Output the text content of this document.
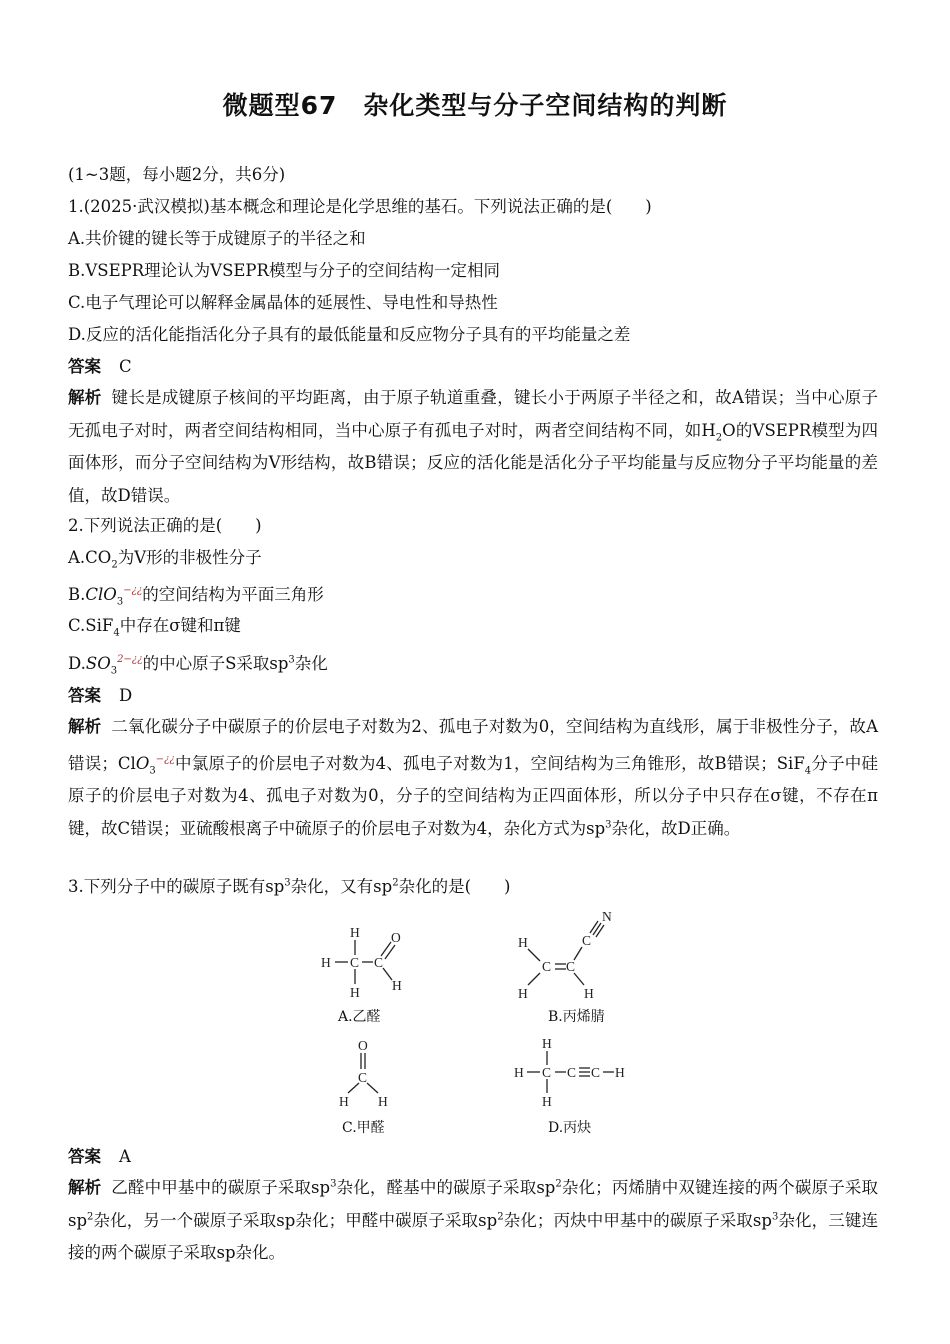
微题型67　杂化类型与分子空间结构的判断
(1~3题，每小题2分，共6分)
1.(2025·武汉模拟)基本概念和理论是化学思维的基石。下列说法正确的是(　　)
A.共价键的键长等于成键原子的半径之和
B.VSEPR理论认为VSEPR模型与分子的空间结构一定相同
C.电子气理论可以解释金属晶体的延展性、导电性和导热性
D.反应的活化能指活化分子具有的最低能量和反应物分子具有的平均能量之差
答案 C
解析 键长是成键原子核间的平均距离，由于原子轨道重叠，键长小于两原子半径之和，故A错误；当中心原子无孤电子对时，两者空间结构相同，当中心原子有孤电子对时，两者空间结构不同，如$H_2O$的VSEPR模型为四面体形，而分子空间结构为V形结构，故B错误；反应的活化能是活化分子平均能量与反应物分子平均能量的差值，故D错误。
2.下列说法正确的是(　　)
$A.CO_2$为V形的非极性分子
B.ClO$_3$−¿¿的空间结构为平面三角形
C.SiF$_4$中存在σ键和π键
$D.SO_3^{2-¿¿}$的中心原子S采取$sp^3$杂化
答案 D
解析 二氧化碳分子中碳原子的价层电子对数为2、孤电子对数为0，空间结构为直线形，属于非极性分子，故A错误；ClO$_3$−¿¿中氯原子的价层电子对数为4、孤电子对数为1，空间结构为三角锥形，故B错误；SiF$_4$分子中硅原子的价层电子对数为4、孤电子对数为0，分子的空间结构为正四面体形，所以分子中只存在σ键，不存在π键，故C错误；亚硫酸根离子中硫原子的价层电子对数为4，杂化方式为$sp^3$杂化，故D正确。
3.下列分子中的碳原子既有$sp^3$杂化，又有$sp^2$杂化的是(　　)
H
H
C
H
C
O
H
A.乙醛
H
C
H
C
C
N
H
B.丙烯腈
O
C
H H
C.甲醛
H
H
C
H
C C H
D.丙炔
答案 A
解析 乙醛中甲基中的碳原子采取$sp^3$杂化，醛基中的碳原子采取$sp^2$杂化；丙烯腈中双键连接的两个碳原子采取$sp^2$杂化，另一个碳原子采取sp杂化；甲醛中碳原子采取$sp^2$杂化；丙炔中甲基中的碳原子采取$sp^3$杂化，三键连接的两个碳原子采取sp杂化。
